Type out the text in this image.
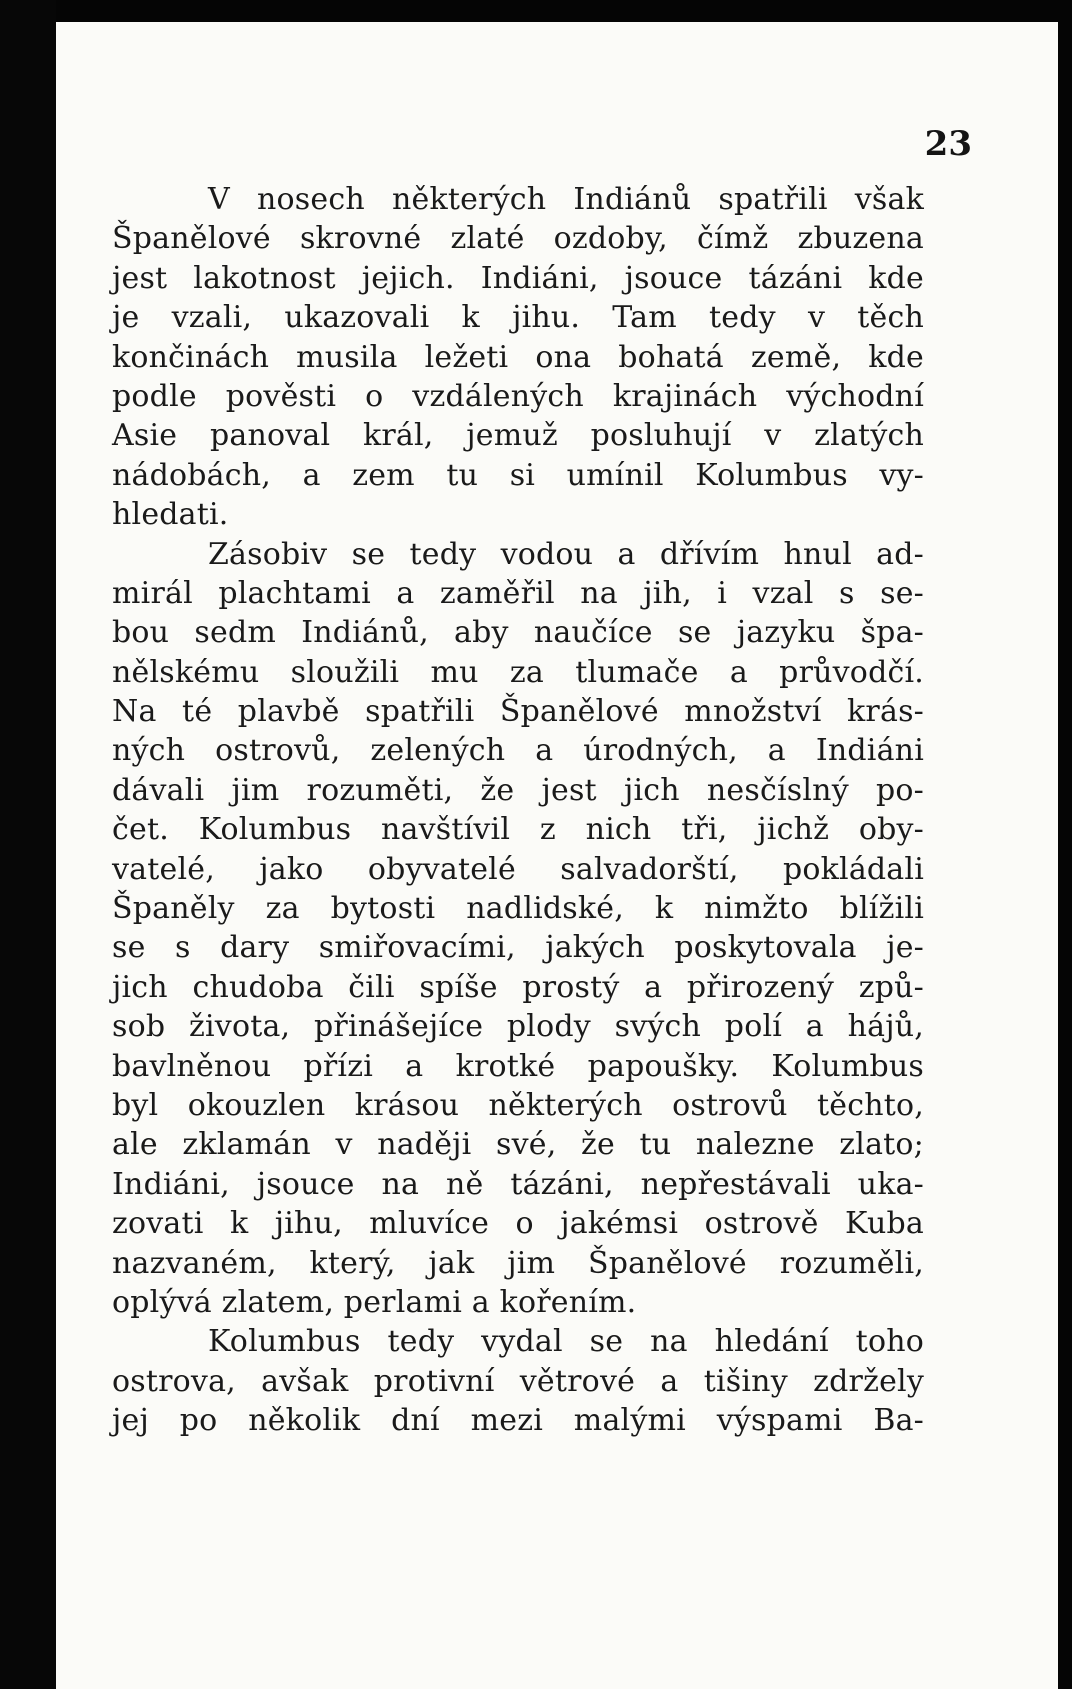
23

V nosech některých Indiánů spatřili však
Španělové skrovné zlaté ozdoby, čímž zbuzena
jest lakotnost jejich. Indiáni, jsouce tázáni kde
je vzali, ukazovali k jihu. Tam tedy v těch
končinách musila ležeti ona bohatá země, kde
podle pověsti o vzdálených krajinách východní
Asie panoval král, jemuž posluhují v zlatých
nádobách, a zem tu si umínil Kolumbus vy-
hledati.
Zásobiv se tedy vodou a dřívím hnul ad-
mirál plachtami a zaměřil na jih, i vzal s se-
bou sedm Indiánů, aby naučíce se jazyku špa-
nělskému sloužili mu za tlumače a průvodčí.
Na té plavbě spatřili Španělové množství krás-
ných ostrovů, zelených a úrodných, a Indiáni
dávali jim rozuměti, že jest jich nesčíslný po-
čet. Kolumbus navštívil z nich tři, jichž oby-
vatelé, jako obyvatelé salvadorští, pokládali
Španěly za bytosti nadlidské, k nimžto blížili
se s dary smiřovacími, jakých poskytovala je-
jich chudoba čili spíše prostý a přirozený způ-
sob života, přinášejíce plody svých polí a hájů,
bavlněnou přízi a krotké papoušky. Kolumbus
byl okouzlen krásou některých ostrovů těchto,
ale zklamán v naději své, že tu nalezne zlato;
Indiáni, jsouce na ně tázáni, nepřestávali uka-
zovati k jihu, mluvíce o jakémsi ostrově Kuba
nazvaném, který, jak jim Španělové rozuměli,
oplývá zlatem, perlami a kořením.
Kolumbus tedy vydal se na hledání toho
ostrova, avšak protivní větrové a tišiny zdržely
jej po několik dní mezi malými výspami Ba-
